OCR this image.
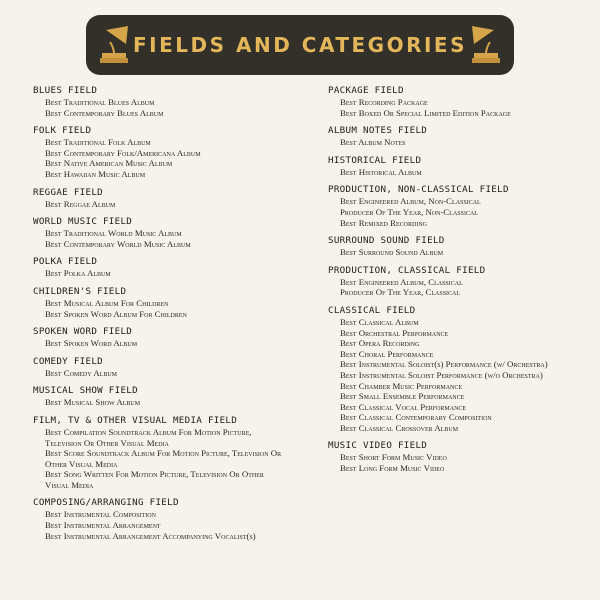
FIELDS AND CATEGORIES
BLUES FIELD
Best Traditional Blues Album
Best Contemporary Blues Album
FOLK FIELD
Best Traditional Folk Album
Best Contemporary Folk/Americana Album
Best Native American Music Album
Best Hawaiian Music Album
REGGAE FIELD
Best Reggae Album
WORLD MUSIC FIELD
Best Traditional World Music Album
Best Contemporary World Music Album
POLKA FIELD
Best Polka Album
CHILDREN'S FIELD
Best Musical Album For Children
Best Spoken Word Album For Children
SPOKEN WORD FIELD
Best Spoken Word Album
COMEDY FIELD
Best Comedy Album
MUSICAL SHOW FIELD
Best Musical Show Album
FILM, TV & OTHER VISUAL MEDIA FIELD
Best Compilation Soundtrack Album For Motion Picture, Television Or Other Visual Media
Best Score Soundtrack Album For Motion Picture, Television Or Other Visual Media
Best Song Written For Motion Picture, Television Or Other Visual Media
COMPOSING/ARRANGING FIELD
Best Instrumental Composition
Best Instrumental Arrangement
Best Instrumental Arrangement Accompanying Vocalist(s)
PACKAGE FIELD
Best Recording Package
Best Boxed Or Special Limited Edition Package
ALBUM NOTES FIELD
Best Album Notes
HISTORICAL FIELD
Best Historical Album
PRODUCTION, NON-CLASSICAL FIELD
Best Engineered Album, Non-Classical
Producer Of The Year, Non-Classical
Best Remixed Recording
SURROUND SOUND FIELD
Best Surround Sound Album
PRODUCTION, CLASSICAL FIELD
Best Engineered Album, Classical
Producer Of The Year, Classical
CLASSICAL FIELD
Best Classical Album
Best Orchestral Performance
Best Opera Recording
Best Choral Performance
Best Instrumental Soloist(s) Performance (w/ Orchestra)
Best Instrumental Soloist Performance (w/o Orchestra)
Best Chamber Music Performance
Best Small Ensemble Performance
Best Classical Vocal Performance
Best Classical Contemporary Composition
Best Classical Crossover Album
MUSIC VIDEO FIELD
Best Short Form Music Video
Best Long Form Music Video
